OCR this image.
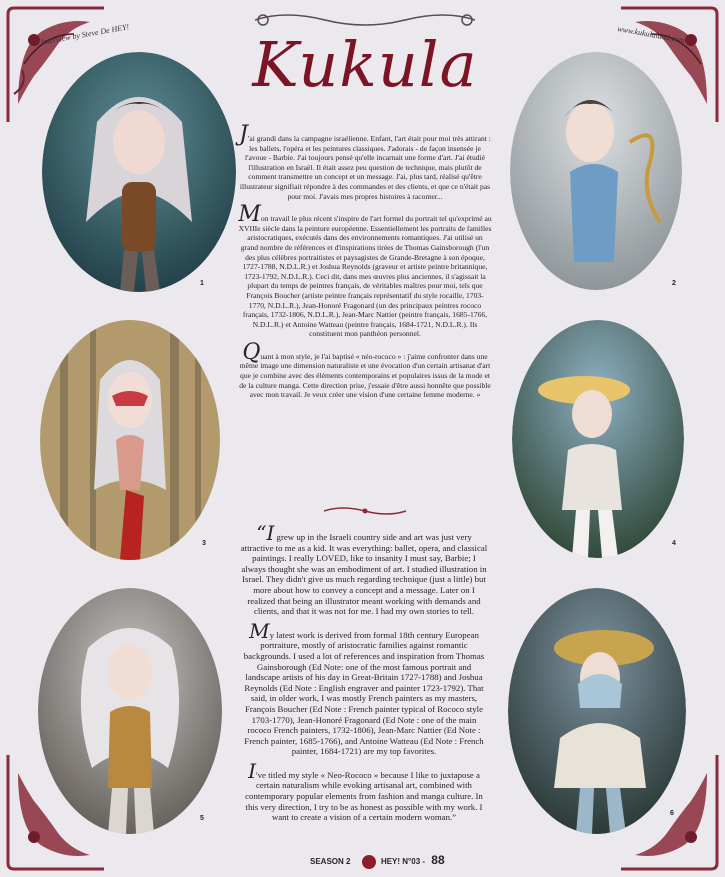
Interview by Steve De HEY!	www.kukulaland.com
Kukula
1	2
3	4
5
6

J'ai grandi dans la campagne israélienne. Enfant, l'art était pour moi très attirant : les ballets, l'opéra et les peintures classiques. J'adorais - de façon insensée je l'avoue - Barbie. J'ai toujours pensé qu'elle incarnait une forme d'art. J'ai étudié l'illustration en Israël. Il était assez peu question de technique, mais plutôt de comment transmettre un concept et un message. J'ai, plus tard, réalisé qu'être illustrateur signifiait répondre à des commandes et des clients, et que ce n'était pas pour moi. J'avais mes propres histoires à raconter...

Mon travail le plus récent s'inspire de l'art formel du portrait tel qu'exprimé au XVIIIe siècle dans la peinture européenne. Essentiellement les portraits de familles aristocratiques, exécutés dans des environnements romantiques. J'ai utilisé un grand nombre de références et d'inspirations tirées de Thomas Gainsborough (l'un des plus célèbres portraitistes et paysagistes de Grande-Bretagne à son époque, 1727-1788, N.D.L.R.) et Joshua Reynolds (graveur et artiste peintre britannique, 1723-1792, N.D.L.R.). Ceci dit, dans mes œuvres plus anciennes, il s'agissait la plupart du temps de peintres français, de véritables maîtres pour moi, tels que François Boucher (artiste peintre français représentatif du style rocaille, 1703-1770, N.D.L.R.), Jean-Honoré Fragonard (un des principaux peintres rococo français, 1732-1806, N.D.L.R.), Jean-Marc Nattier (peintre français, 1685-1766, N.D.L.R.) et Antoine Watteau (peintre français, 1684-1721, N.D.L.R.). Ils constituent mon panthéon personnel.

Quant à mon style, je l'ai baptisé « néo-rococo » : j'aime confronter dans une même image une dimension naturaliste et une évocation d'un certain artisanat d'art que je combine avec des éléments contemporains et populaires issus de la mode et de la culture manga. Cette direction prise, j'essaie d'être aussi honnête que possible avec mon travail. Je veux créer une vision d'une certaine femme moderne. »

“I grew up in the Israeli country side and art was just very attractive to me as a kid. It was everything: ballet, opera, and classical paintings. I really LOVED, like to insanity I must say, Barbie; I always thought she was an embodiment of art. I studied illustration in Israel. They didn't give us much regarding technique (just a little) but more about how to convey a concept and a message. Later on I realized that being an illustrator meant working with demands and clients, and that it was not for me. I had my own stories to tell.

My latest work is derived from formal 18th century European portraiture, mostly of aristocratic families against romantic backgrounds. I used a lot of references and inspiration from Thomas Gainsborough (Ed Note: one of the most famous portrait and landscape artists of his day in Great-Britain 1727-1788) and Joshua Reynolds (Ed Note : English engraver and painter 1723-1792). That said, in older work, I was mostly French painters as my masters, François Boucher (Ed Note : French painter typical of Rococo style 1703-1770), Jean-Honoré Fragonard (Ed Note : one of the main rococo French painters, 1732-1806), Jean-Marc Nattier (Ed Note : French painter, 1685-1766), and Antoine Watteau (Ed Note : French painter, 1684-1721) are my top favorites.

I've titled my style « Neo-Rococo » because I like to juxtapose a certain naturalism while evoking artisanal art, combined with contemporary popular elements from fashion and manga culture. In this very direction, I try to be as honest as possible with my work. I want to create a vision of a certain modern woman.”

SEASON 2	HEY! N°03 - 88
